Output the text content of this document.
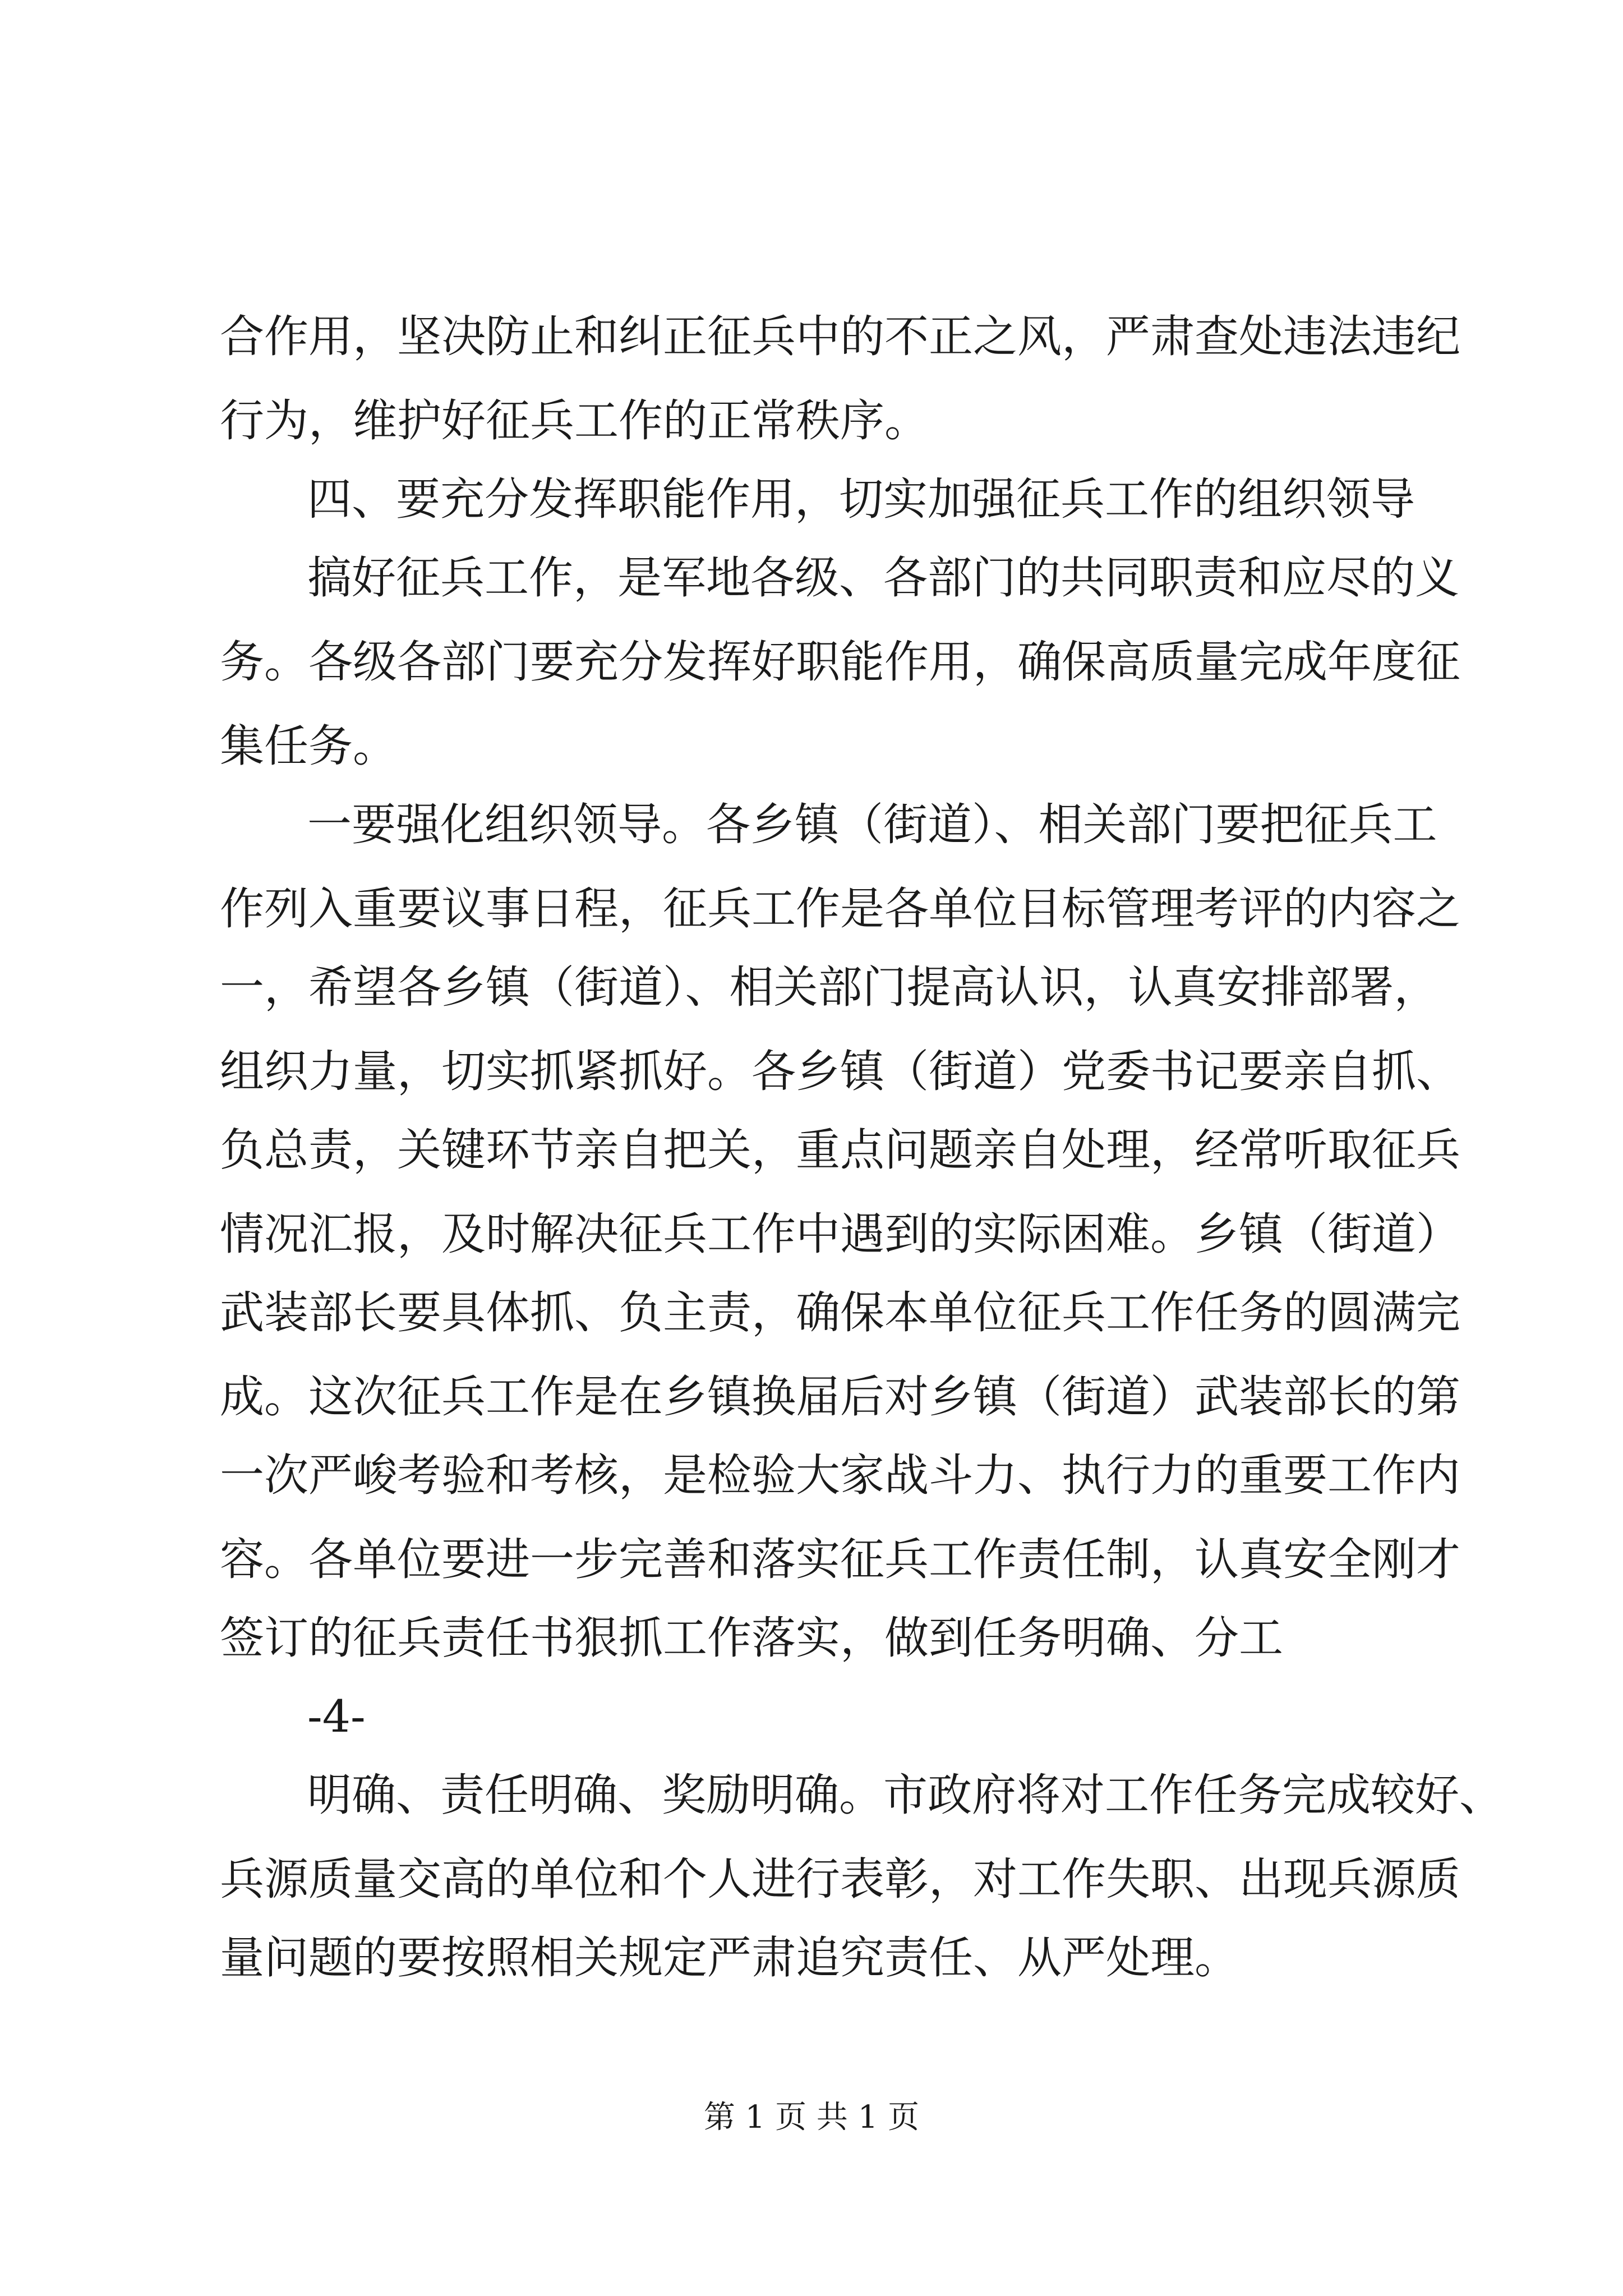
合作用，坚决防止和纠正征兵中的不正之风，严肃查处违法违纪
行为，维护好征兵工作的正常秩序。
四、要充分发挥职能作用，切实加强征兵工作的组织领导
搞好征兵工作，是军地各级、各部门的共同职责和应尽的义
务。各级各部门要充分发挥好职能作用，确保高质量完成年度征
集任务。
一要强化组织领导。各乡镇（街道）、相关部门要把征兵工
作列入重要议事日程，征兵工作是各单位目标管理考评的内容之
一，希望各乡镇（街道）、相关部门提高认识，认真安排部署，
组织力量，切实抓紧抓好。各乡镇（街道）党委书记要亲自抓、
负总责，关键环节亲自把关，重点问题亲自处理，经常听取征兵
情况汇报，及时解决征兵工作中遇到的实际困难。乡镇（街道）
武装部长要具体抓、负主责，确保本单位征兵工作任务的圆满完
成。这次征兵工作是在乡镇换届后对乡镇（街道）武装部长的第
一次严峻考验和考核，是检验大家战斗力、执行力的重要工作内
容。各单位要进一步完善和落实征兵工作责任制，认真安全刚才
签订的征兵责任书狠抓工作落实，做到任务明确、分工
-4-
明确、责任明确、奖励明确。市政府将对工作任务完成较好、
兵源质量交高的单位和个人进行表彰，对工作失职、出现兵源质
量问题的要按照相关规定严肃追究责任、从严处理。
第 1 页 共 1 页
